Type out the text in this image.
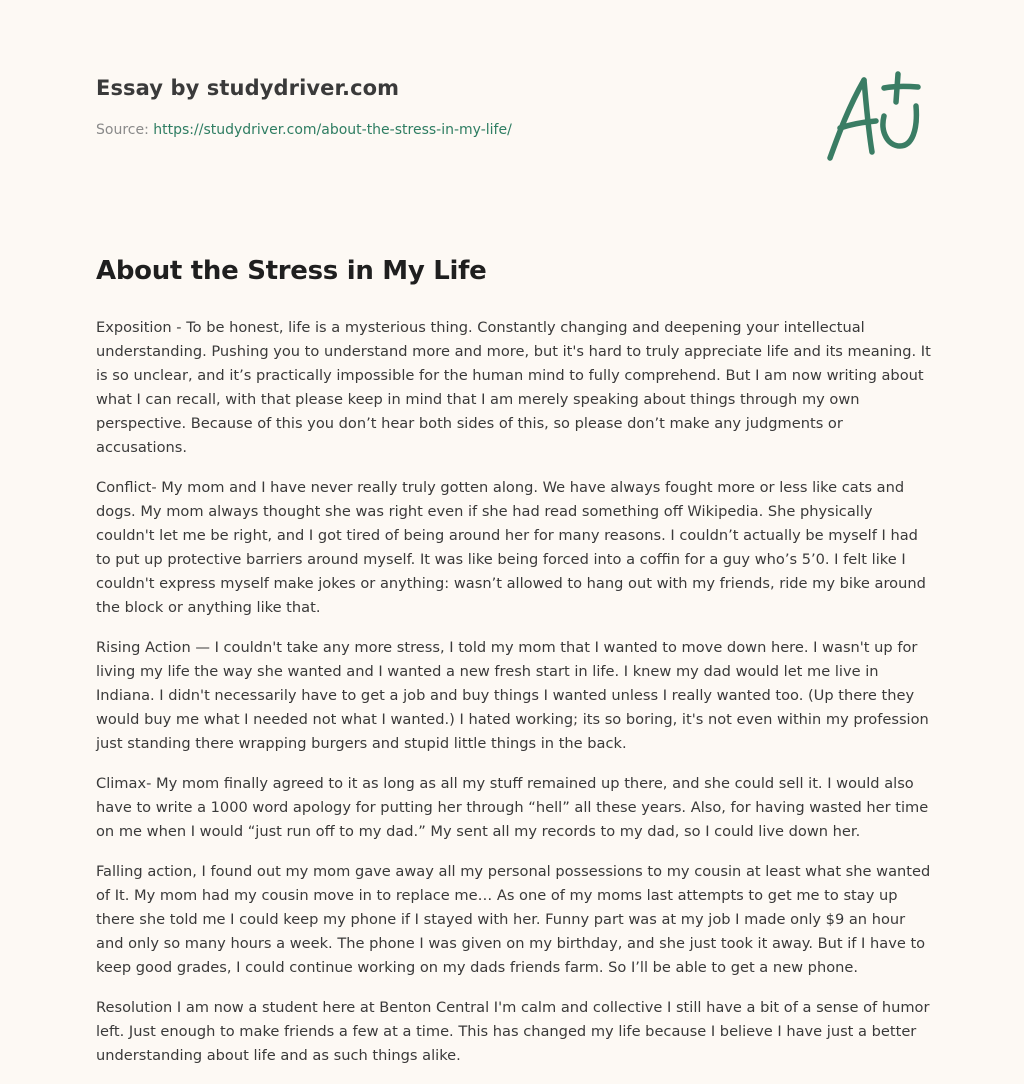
Essay by studydriver.com
Source: https://studydriver.com/about-the-stress-in-my-life/
About the Stress in My Life

Exposition - To be honest, life is a mysterious thing. Constantly changing and deepening your intellectual understanding. Pushing you to understand more and more, but it's hard to truly appreciate life and its meaning. It is so unclear, and it’s practically impossible for the human mind to fully comprehend. But I am now writing about what I can recall, with that please keep in mind that I am merely speaking about things through my own perspective. Because of this you don’t hear both sides of this, so please don’t make any judgments or accusations.

Conflict- My mom and I have never really truly gotten along. We have always fought more or less like cats and dogs. My mom always thought she was right even if she had read something off Wikipedia. She physically couldn't let me be right, and I got tired of being around her for many reasons. I couldn’t actually be myself I had to put up protective barriers around myself. It was like being forced into a coffin for a guy who’s 5’0. I felt like I couldn't express myself make jokes or anything: wasn’t allowed to hang out with my friends, ride my bike around the block or anything like that.

Rising Action — I couldn't take any more stress, I told my mom that I wanted to move down here. I wasn't up for living my life the way she wanted and I wanted a new fresh start in life. I knew my dad would let me live in Indiana. I didn't necessarily have to get a job and buy things I wanted unless I really wanted too. (Up there they would buy me what I needed not what I wanted.) I hated working; its so boring, it's not even within my profession just standing there wrapping burgers and stupid little things in the back.

Climax- My mom finally agreed to it as long as all my stuff remained up there, and she could sell it. I would also have to write a 1000 word apology for putting her through “hell” all these years. Also, for having wasted her time on me when I would “just run off to my dad.” My sent all my records to my dad, so I could live down her.

Falling action, I found out my mom gave away all my personal possessions to my cousin at least what she wanted of It. My mom had my cousin move in to replace me… As one of my moms last attempts to get me to stay up there she told me I could keep my phone if I stayed with her. Funny part was at my job I made only $9 an hour and only so many hours a week. The phone I was given on my birthday, and she just took it away. But if I have to keep good grades, I could continue working on my dads friends farm. So I’ll be able to get a new phone.

Resolution I am now a student here at Benton Central I'm calm and collective I still have a bit of a sense of humor left. Just enough to make friends a few at a time. This has changed my life because I believe I have just a better understanding about life and as such things alike.
